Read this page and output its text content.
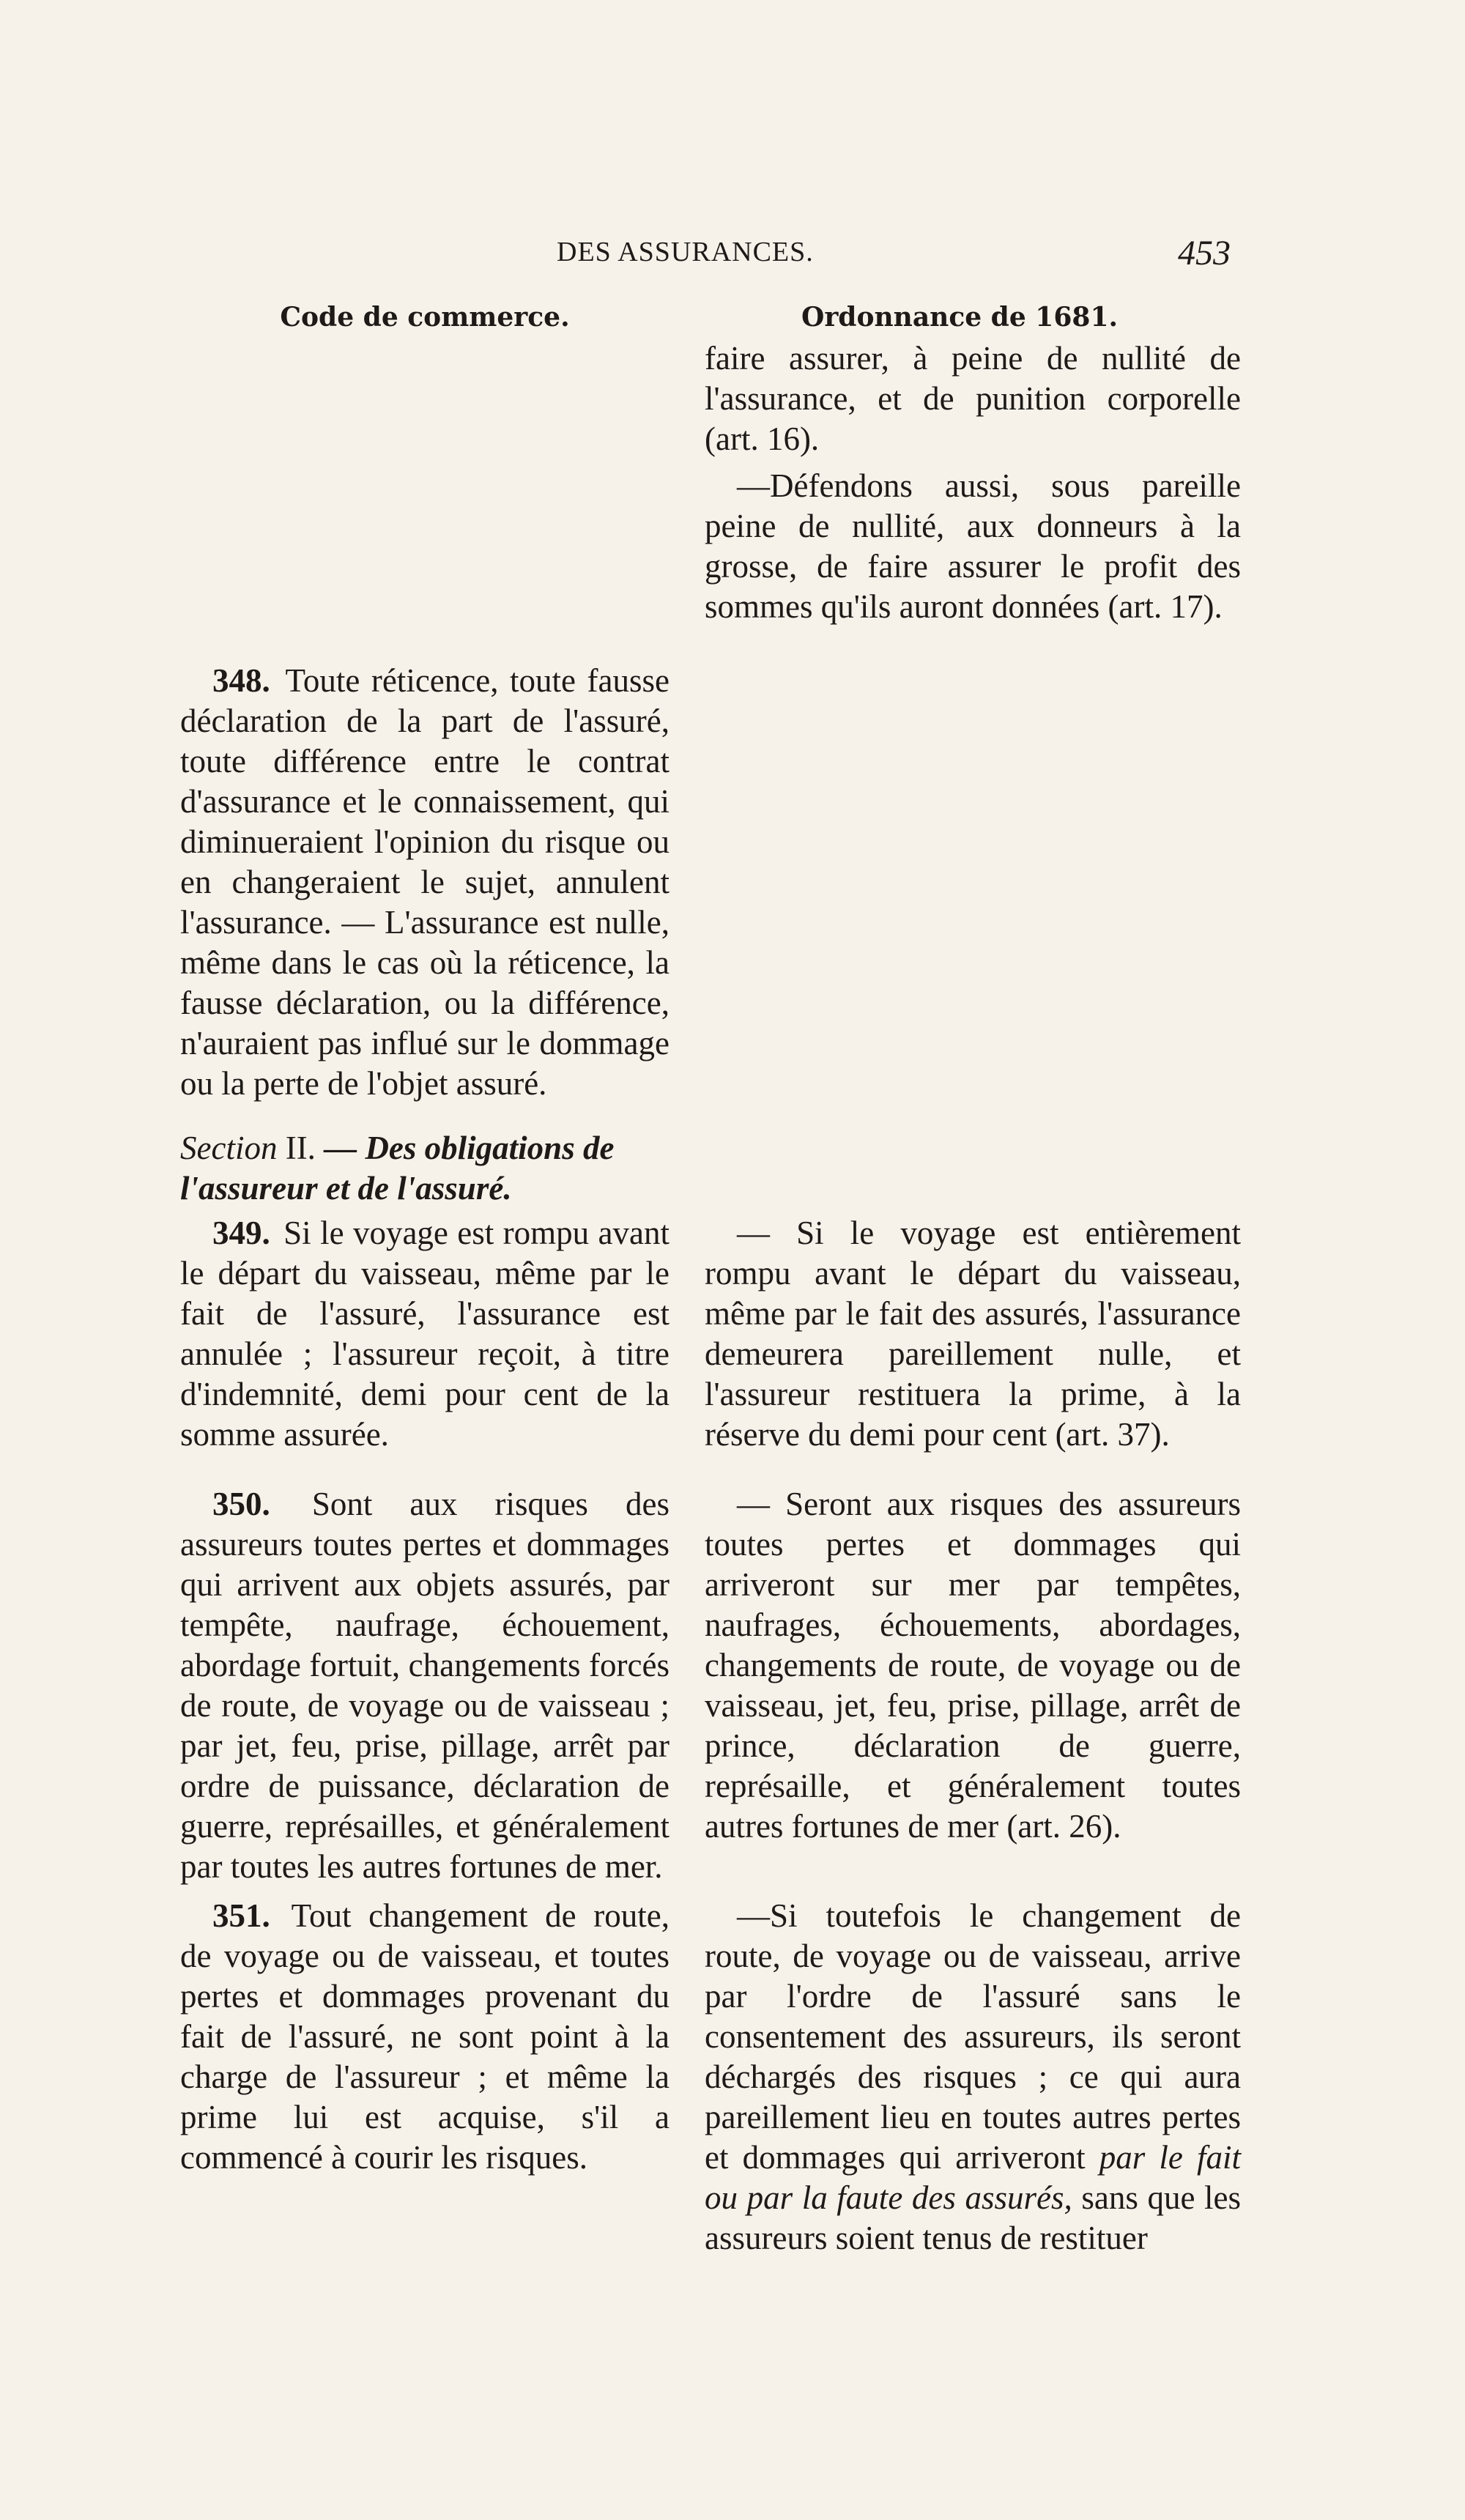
DES ASSURANCES.	453
Code de commerce.	Ordonnance de 1681.
faire assurer, à peine de nullité de l'assurance, et de punition corporelle (art. 16).
—Défendons aussi, sous pareille peine de nullité, aux donneurs à la grosse, de faire assurer le profit des sommes qu'ils auront données (art. 17).
348. Toute réticence, toute fausse déclaration de la part de l'assuré, toute différence entre le contrat d'assurance et le connaissement, qui diminueraient l'opinion du risque ou en changeraient le sujet, annulent l'assurance. — L'assurance est nulle, même dans le cas où la réticence, la fausse déclaration, ou la différence, n'auraient pas influé sur le dommage ou la perte de l'objet assuré.
Section II. — Des obligations de l'assureur et de l'assuré.
349. Si le voyage est rompu avant le départ du vaisseau, même par le fait de l'assuré, l'assurance est annulée ; l'assureur reçoit, à titre d'indemnité, demi pour cent de la somme assurée.
— Si le voyage est entièrement rompu avant le départ du vaisseau, même par le fait des assurés, l'assurance demeurera pareillement nulle, et l'assureur restituera la prime, à la réserve du demi pour cent (art. 37).
350. Sont aux risques des assureurs toutes pertes et dommages qui arrivent aux objets assurés, par tempête, naufrage, échouement, abordage fortuit, changements forcés de route, de voyage ou de vaisseau ; par jet, feu, prise, pillage, arrêt par ordre de puissance, déclaration de guerre, représailles, et généralement par toutes les autres fortunes de mer.
— Seront aux risques des assureurs toutes pertes et dommages qui arriveront sur mer par tempêtes, naufrages, échouements, abordages, changements de route, de voyage ou de vaisseau, jet, feu, prise, pillage, arrêt de prince, déclaration de guerre, représaille, et généralement toutes autres fortunes de mer (art. 26).
351. Tout changement de route, de voyage ou de vaisseau, et toutes pertes et dommages provenant du fait de l'assuré, ne sont point à la charge de l'assureur ; et même la prime lui est acquise, s'il a commencé à courir les risques.
—Si toutefois le changement de route, de voyage ou de vaisseau, arrive par l'ordre de l'assuré sans le consentement des assureurs, ils seront déchargés des risques ; ce qui aura pareillement lieu en toutes autres pertes et dommages qui arriveront par le fait ou par la faute des assurés, sans que les assureurs soient tenus de restituer
